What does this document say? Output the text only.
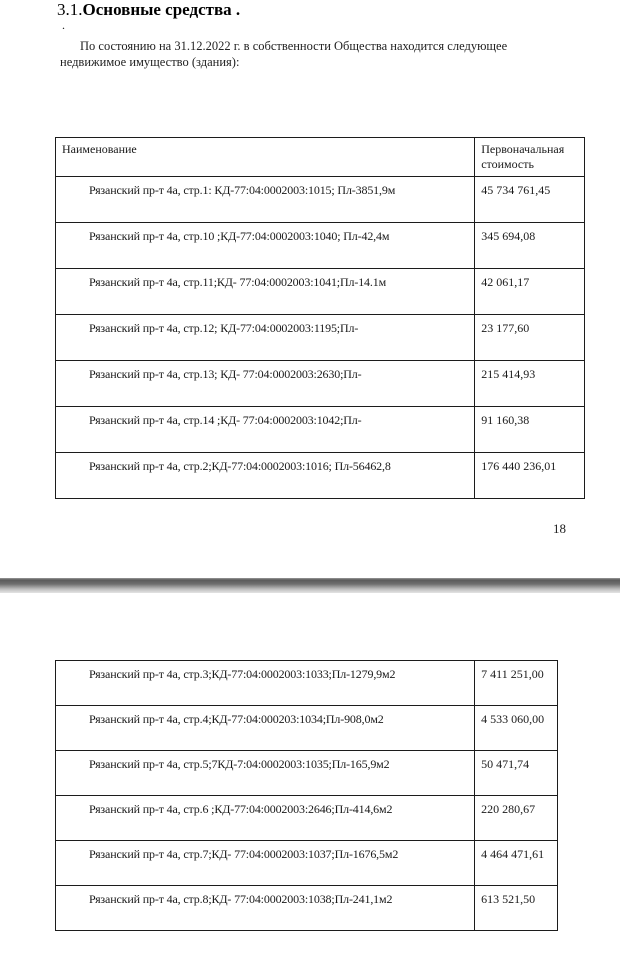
3.1.Основные средства .
.
По состоянию на 31.12.2022 г. в собственности Общества находится следующее
недвижимое имущество (здания):
Наименование	Первоначальная
стоимость
Рязанский пр-т 4а, стр.1: КД-77:04:0002003:1015; Пл-3851,9м	45 734 761,45
Рязанский пр-т 4а, стр.10 ;КД-77:04:0002003:1040; Пл-42,4м	345 694,08
Рязанский пр-т 4а, стр.11;КД- 77:04:0002003:1041;Пл-14.1м	42 061,17
Рязанский пр-т 4а, стр.12; КД-77:04:0002003:1195;Пл-	23 177,60
Рязанский пр-т 4а, стр.13; КД- 77:04:0002003:2630;Пл-	215 414,93
Рязанский пр-т 4а, стр.14 ;КД- 77:04:0002003:1042;Пл-	91 160,38
Рязанский пр-т 4а, стр.2;КД-77:04:0002003:1016; Пл-56462,8	176 440 236,01
18
Рязанский пр-т 4а, стр.3;КД-77:04:0002003:1033;Пл-1279,9м2	7 411 251,00
Рязанский пр-т 4а, стр.4;КД-77:04:000203:1034;Пл-908,0м2	4 533 060,00
Рязанский пр-т 4а, стр.5;7КД-7:04:0002003:1035;Пл-165,9м2	50 471,74
Рязанский пр-т 4а, стр.6 ;КД-77:04:0002003:2646;Пл-414,6м2	220 280,67
Рязанский пр-т 4а, стр.7;КД- 77:04:0002003:1037;Пл-1676,5м2	4 464 471,61
Рязанский пр-т 4а, стр.8;КД- 77:04:0002003:1038;Пл-241,1м2	613 521,50
